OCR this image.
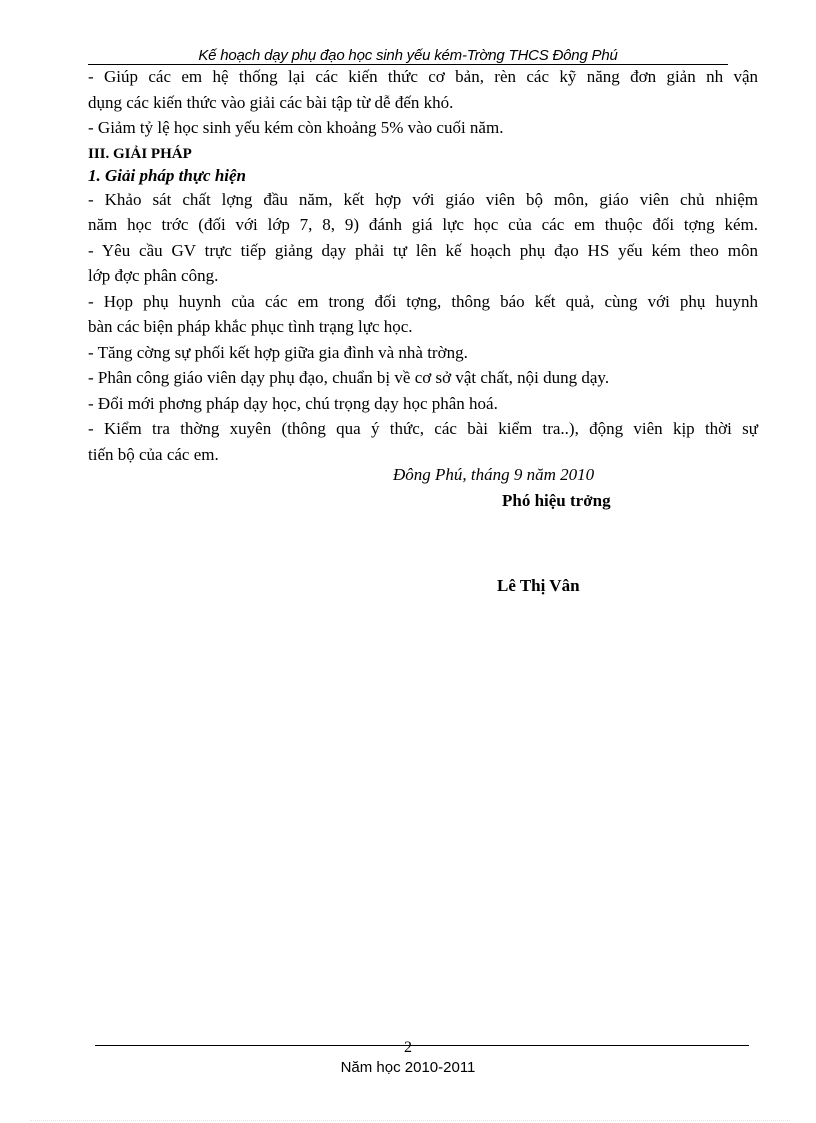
Kế hoạch dạy phụ đạo học sinh yếu kém-Trờng THCS Đông Phú
- Giúp các em hệ thống lại các kiến thức cơ bản, rèn các kỹ năng đơn giản nh vận
dụng các kiến thức vào giải các bài tập từ dễ đến khó.
- Giảm tỷ lệ học sinh yếu kém còn khoảng 5% vào cuối năm.
III. GIẢI PHÁP
1. Giải pháp thực hiện
- Khảo sát chất lợng đầu năm, kết hợp với giáo viên bộ môn, giáo viên chủ nhiệm
năm học trớc (đối với lớp 7, 8, 9) đánh giá lực học của các em thuộc đối tợng kém.
- Yêu cầu GV trực tiếp giảng dạy phải tự lên kế hoạch phụ đạo HS yếu kém theo môn
lớp đợc phân công.
- Họp phụ huynh của các em trong đối tợng, thông báo kết quả, cùng với phụ huynh
bàn các biện pháp khắc phục tình trạng lực học.
- Tăng cờng sự phối kết hợp giữa gia đình và nhà trờng.
- Phân công giáo viên dạy phụ đạo, chuẩn bị về cơ sở vật chất, nội dung dạy.
- Đổi mới phơng pháp dạy học, chú trọng dạy học phân hoá.
- Kiểm tra thờng xuyên (thông qua ý thức, các bài kiểm tra..), động viên kịp thời sự
tiến bộ của các em.
Đông Phú, tháng 9 năm 2010
Phó hiệu trởng
Lê Thị Vân
2
Năm học 2010-2011
